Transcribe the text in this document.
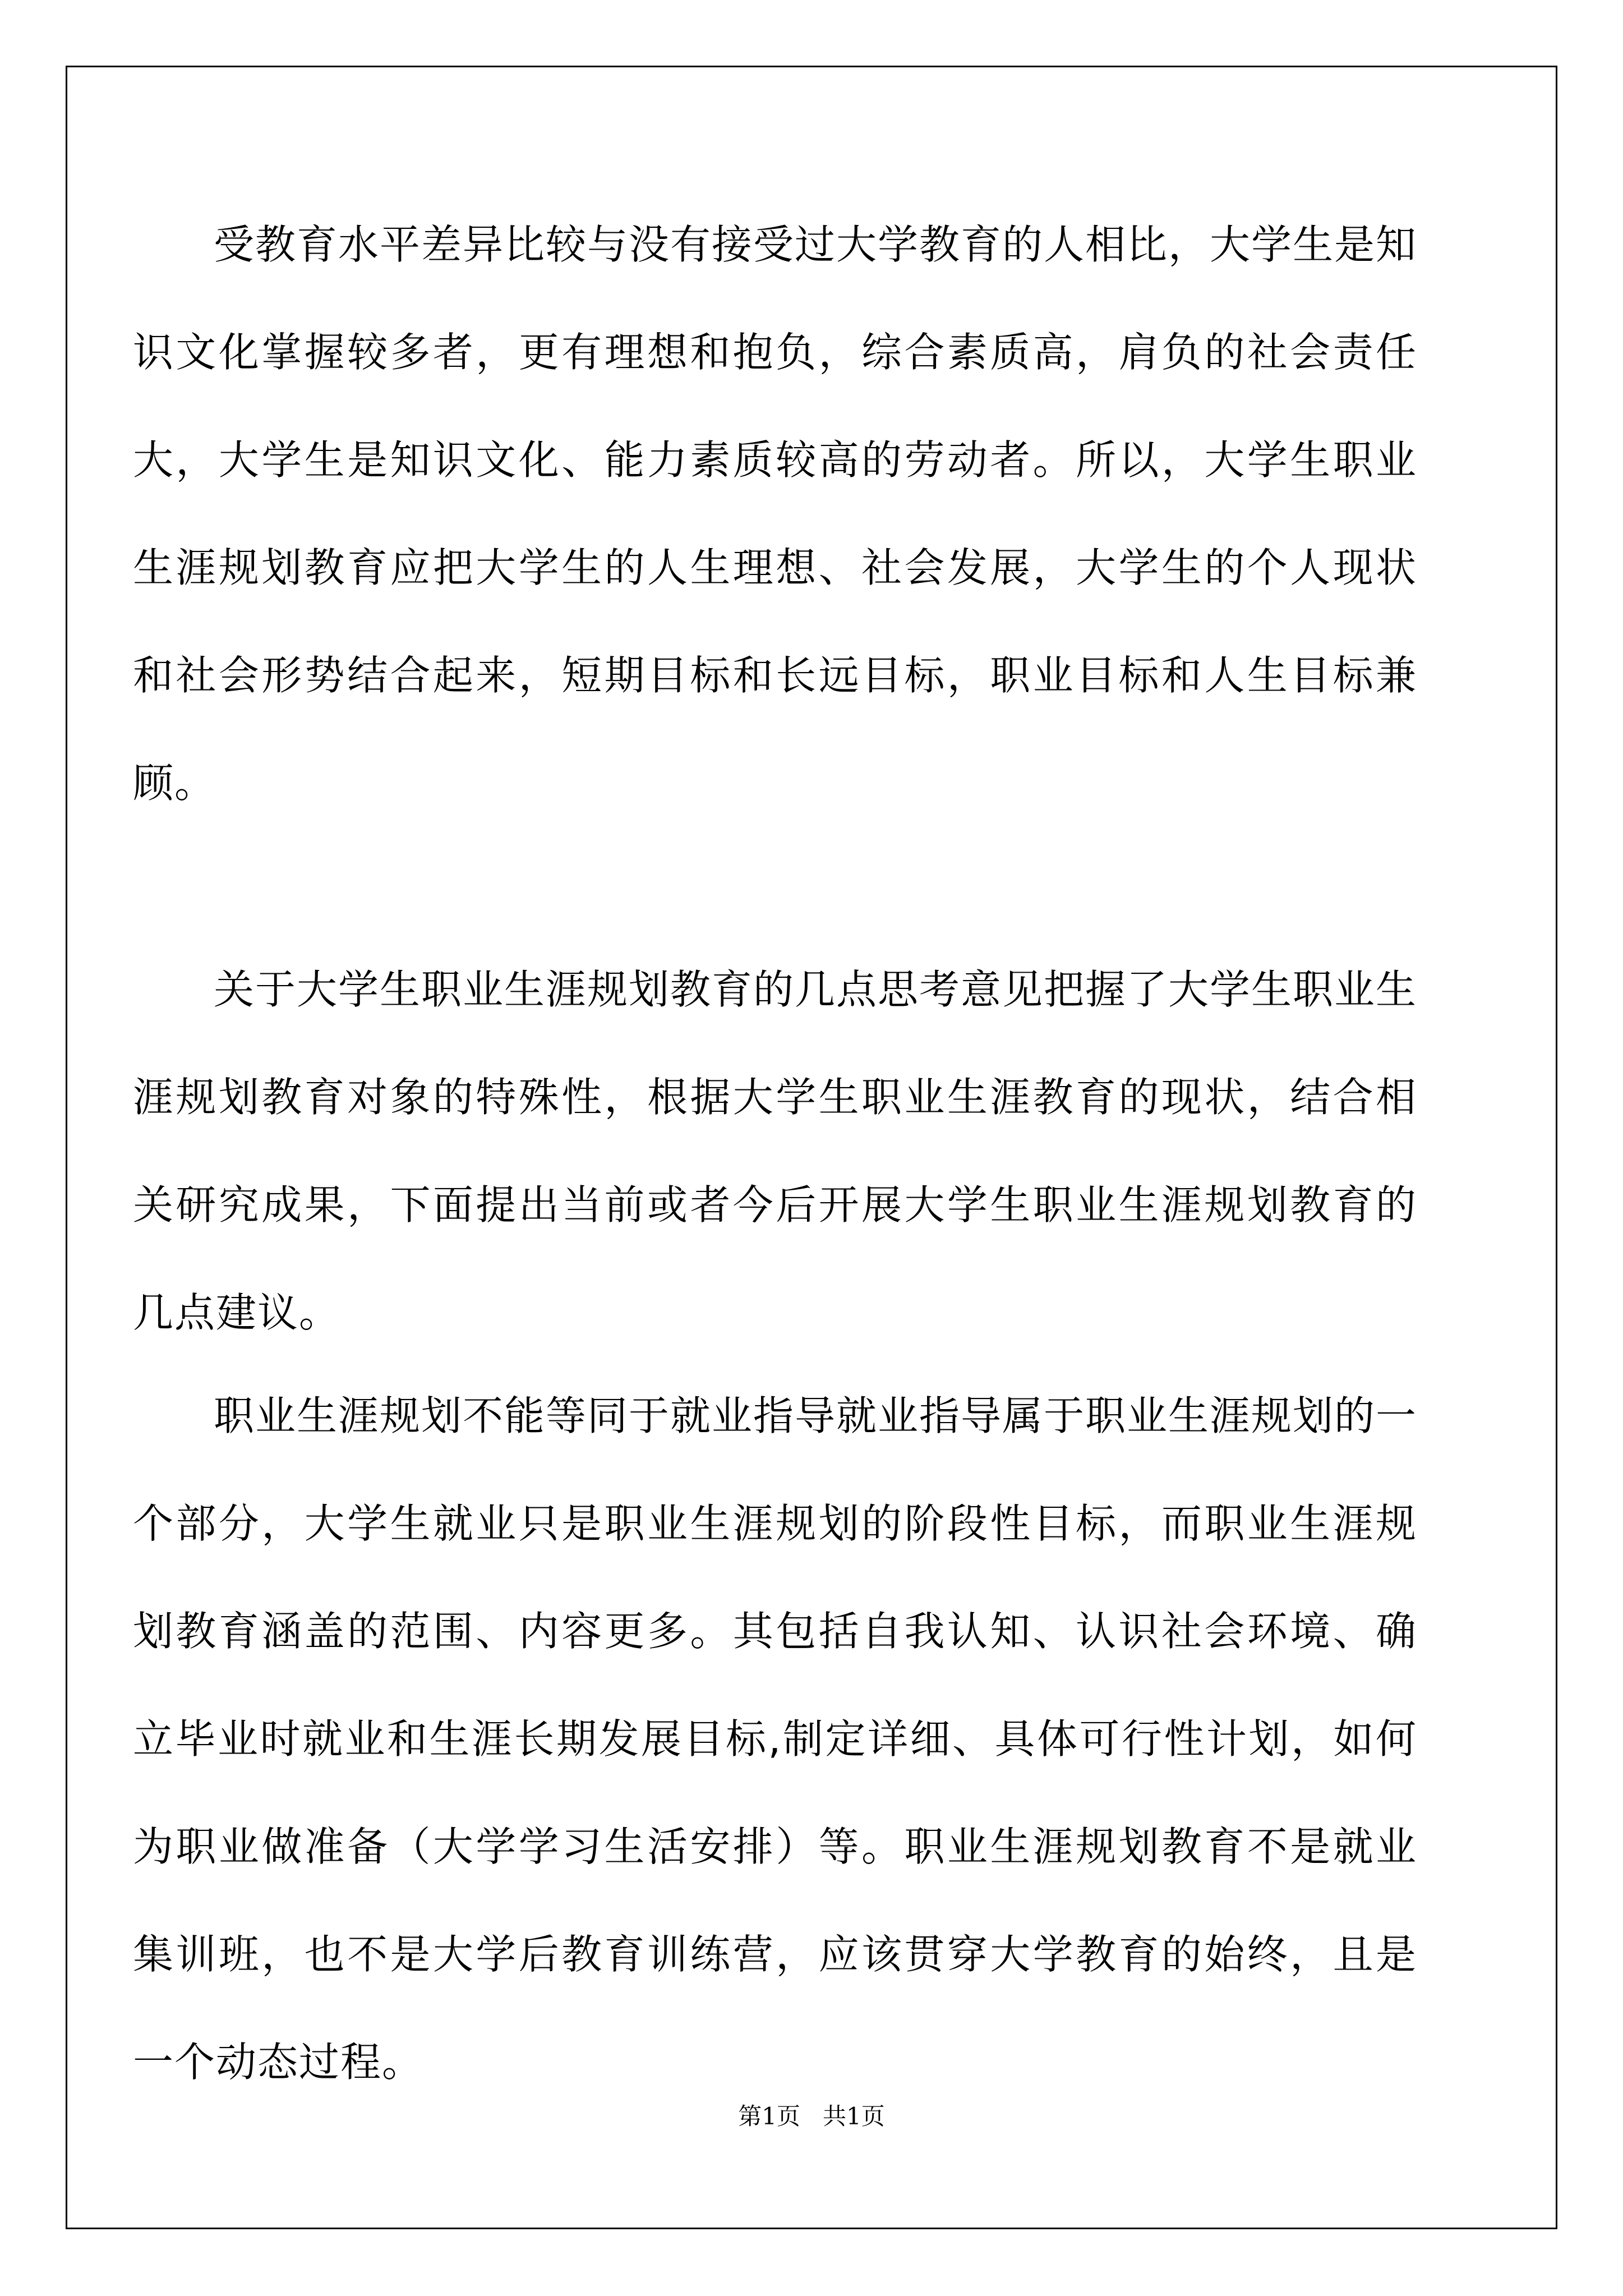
受教育水平差异比较与没有接受过大学教育的人相比，大学生是知识文化掌握较多者，更有理想和抱负，综合素质高，肩负的社会责任大，大学生是知识文化、能力素质较高的劳动者。所以，大学生职业生涯规划教育应把大学生的人生理想、社会发展，大学生的个人现状和社会形势结合起来，短期目标和长远目标，职业目标和人生目标兼顾。

关于大学生职业生涯规划教育的几点思考意见把握了大学生职业生涯规划教育对象的特殊性，根据大学生职业生涯教育的现状，结合相关研究成果，下面提出当前或者今后开展大学生职业生涯规划教育的几点建议。

职业生涯规划不能等同于就业指导就业指导属于职业生涯规划的一个部分，大学生就业只是职业生涯规划的阶段性目标，而职业生涯规划教育涵盖的范围、内容更多。其包括自我认知、认识社会环境、确立毕业时就业和生涯长期发展目标,制定详细、具体可行性计划，如何为职业做准备（大学学习生活安排）等。职业生涯规划教育不是就业集训班，也不是大学后教育训练营，应该贯穿大学教育的始终，且是一个动态过程。

第1页   共1页
